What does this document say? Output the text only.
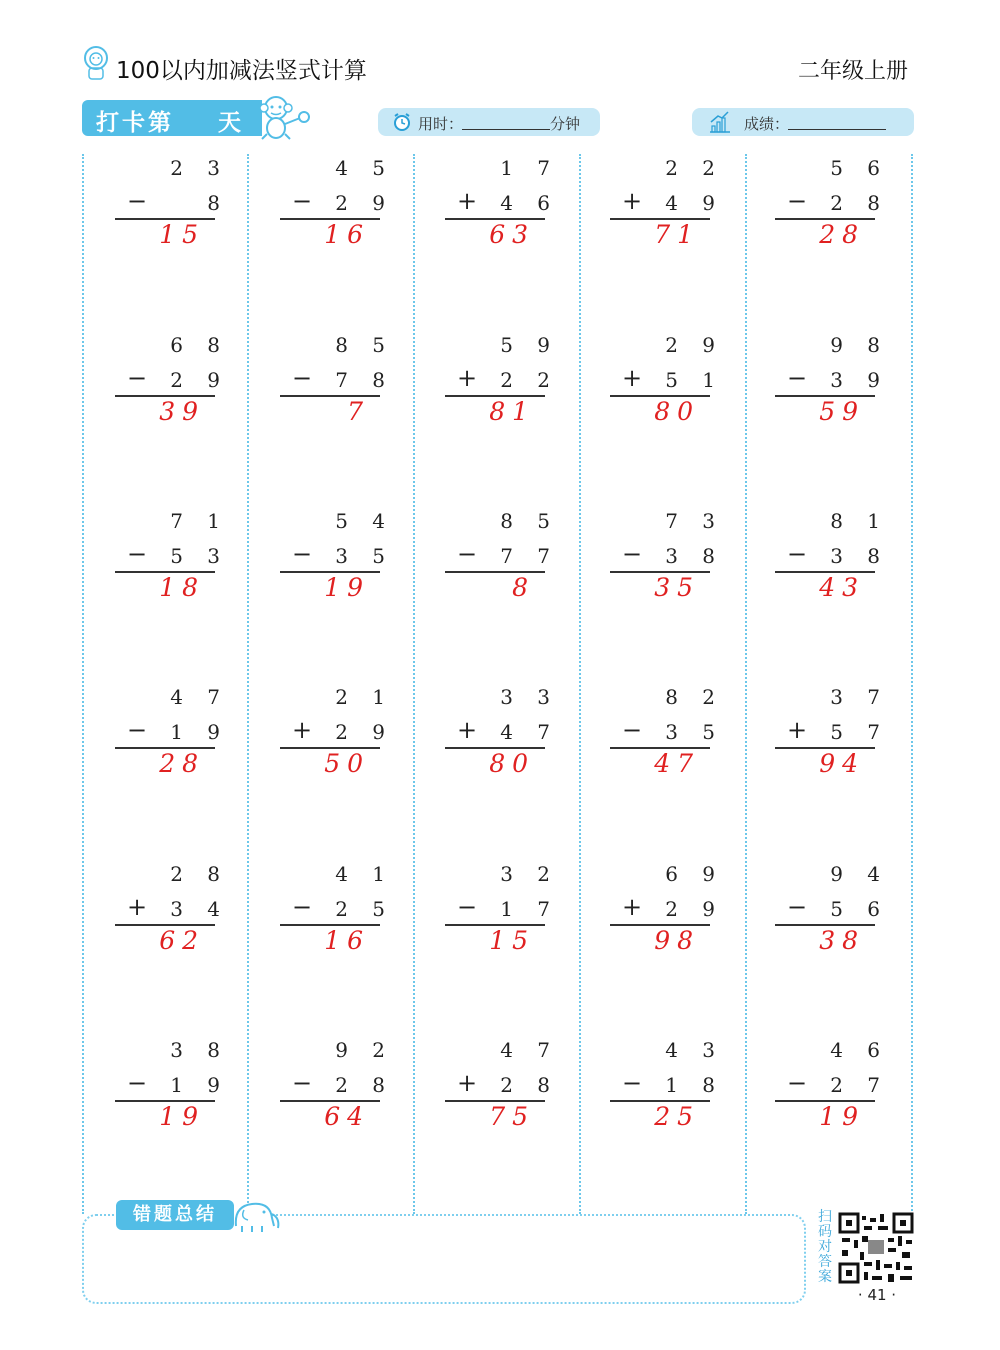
100以内加减法竖式计算	二年级上册
打卡第 天	用时：	分钟	成绩：
2 3
−	8
15
6 8
− 2 9
39
7 1
− 5 3
18
4 7
− 1 9
28
2 8
+ 3 4
62
3 8
− 1 9
19
4 5
− 2 9
16
8 5
− 7 8
7
5 4
− 3 5
19
2 1
+ 2 9
50
4 1
− 2 5
16
9 2
− 2 8
64
1 7
+ 4 6
63
5 9
+ 2 2
81
8 5
− 7 7
8
3 3
+ 4 7
80
3 2
− 1 7
15
4 7
+ 2 8
75
2 2
+ 4 9
71
2 9
+ 5 1
80
7 3
− 3 8
35
8 2
− 3 5
47
6 9
+ 2 9
98
4 3
− 1 8
25
5 6
− 2 8
28
9 8
− 3 9
59
8 1
− 3 8
43
3 7
+ 5 7
94
9 4
− 5 6
38
4 6
− 2 7
19
错题总结	扫码对答案
· 41 ·
